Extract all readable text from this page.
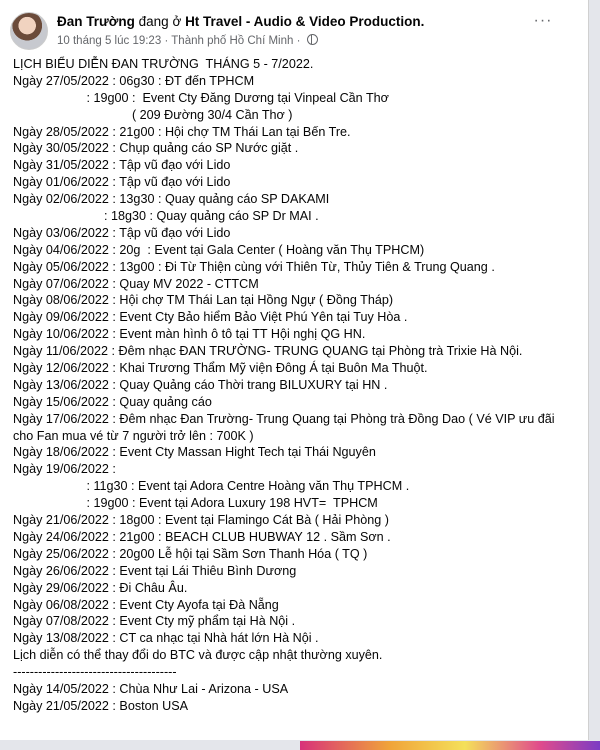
Đan Trường đang ở Ht Travel - Audio & Video Production.
10 tháng 5 lúc 19:23 · Thành phố Hồ Chí Minh ·
···
LỊCH BIỂU DIỄN ĐAN TRƯỜNG  THÁNG 5 - 7/2022.
Ngày 27/05/2022 : 06g30 : ĐT đến TPHCM
: 19g00 :  Event Cty Đăng Dương tại Vinpeal Cần Thơ
( 209 Đường 30/4 Cần Thơ )
Ngày 28/05/2022 : 21g00 : Hội chợ TM Thái Lan tại Bến Tre.
Ngày 30/05/2022 : Chụp quảng cáo SP Nước giặt .
Ngày 31/05/2022 : Tập vũ đạo với Lido
Ngày 01/06/2022 : Tập vũ đạo với Lido
Ngày 02/06/2022 : 13g30 : Quay quảng cáo SP DAKAMI
: 18g30 : Quay quảng cáo SP Dr MAI .
Ngày 03/06/2022 : Tập vũ đạo với Lido
Ngày 04/06/2022 : 20g  : Event tại Gala Center ( Hoàng văn Thụ TPHCM)
Ngày 05/06/2022 : 13g00 : Đi Từ Thiện cùng với Thiên Từ, Thủy Tiên & Trung Quang .
Ngày 07/06/2022 : Quay MV 2022 - CTTCM
Ngày 08/06/2022 : Hội chợ TM Thái Lan tại Hồng Ngự ( Đồng Tháp)
Ngày 09/06/2022 : Event Cty Bảo hiểm Bảo Việt Phú Yên tại Tuy Hòa .
Ngày 10/06/2022 : Event màn hình ô tô tại TT Hội nghị QG HN.
Ngày 11/06/2022 : Đêm nhạc ĐAN TRƯỜNG- TRUNG QUANG tại Phòng trà Trixie Hà Nội.
Ngày 12/06/2022 : Khai Trương Thẩm Mỹ viện Đông Á tại Buôn Ma Thuột.
Ngày 13/06/2022 : Quay Quảng cáo Thời trang BILUXURY tại HN .
Ngày 15/06/2022 : Quay quảng cáo
Ngày 17/06/2022 : Đêm nhạc Đan Trường- Trung Quang tại Phòng trà Đồng Dao ( Vé VIP ưu đãi
cho Fan mua vé từ 7 người trở lên : 700K )
Ngày 18/06/2022 : Event Cty Massan Hight Tech tại Thái Nguyên
Ngày 19/06/2022 :
: 11g30 : Event tại Adora Centre Hoàng văn Thụ TPHCM .
: 19g00 : Event tại Adora Luxury 198 HVT=  TPHCM
Ngày 21/06/2022 : 18g00 : Event tại Flamingo Cát Bà ( Hải Phòng )
Ngày 24/06/2022 : 21g00 : BEACH CLUB HUBWAY 12 . Sầm Sơn .
Ngày 25/06/2022 : 20g00 Lễ hội tại Sầm Sơn Thanh Hóa ( TQ )
Ngày 26/06/2022 : Event tại Lái Thiêu Bình Dương
Ngày 29/06/2022 : Đi Châu Âu.
Ngày 06/08/2022 : Event Cty Ayofa tại Đà Nẵng
Ngày 07/08/2022 : Event Cty mỹ phẩm tại Hà Nội .
Ngày 13/08/2022 : CT ca nhạc tại Nhà hát lớn Hà Nội .
Lịch diễn có thể thay đổi do BTC và được cập nhật thường xuyên.
---------------------------------------
Ngày 14/05/2022 : Chùa Như Lai - Arizona - USA
Ngày 21/05/2022 : Boston USA
